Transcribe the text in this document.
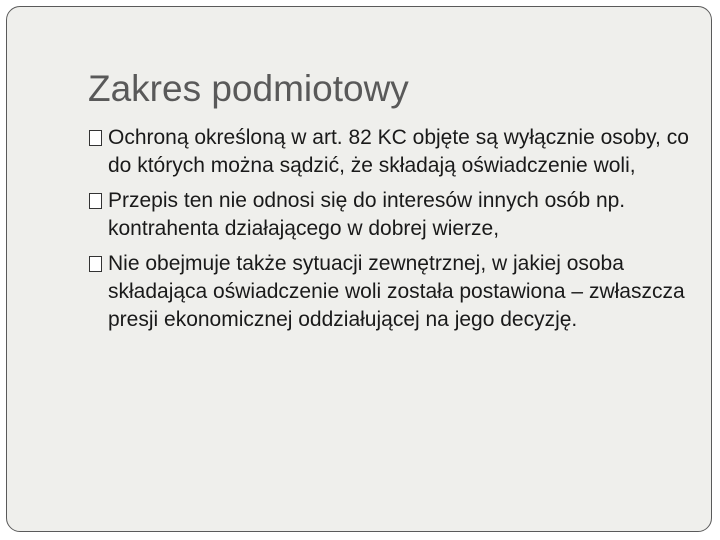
Zakres podmiotowy
Ochroną określoną w art. 82 KC objęte są wyłącznie osoby, co do których można sądzić, że składają oświadczenie woli,
Przepis ten nie odnosi się do interesów innych osób np. kontrahenta działającego w dobrej wierze,
Nie obejmuje także sytuacji zewnętrznej, w jakiej osoba składająca oświadczenie woli została postawiona – zwłaszcza presji ekonomicznej oddziałującej na jego decyzję.
